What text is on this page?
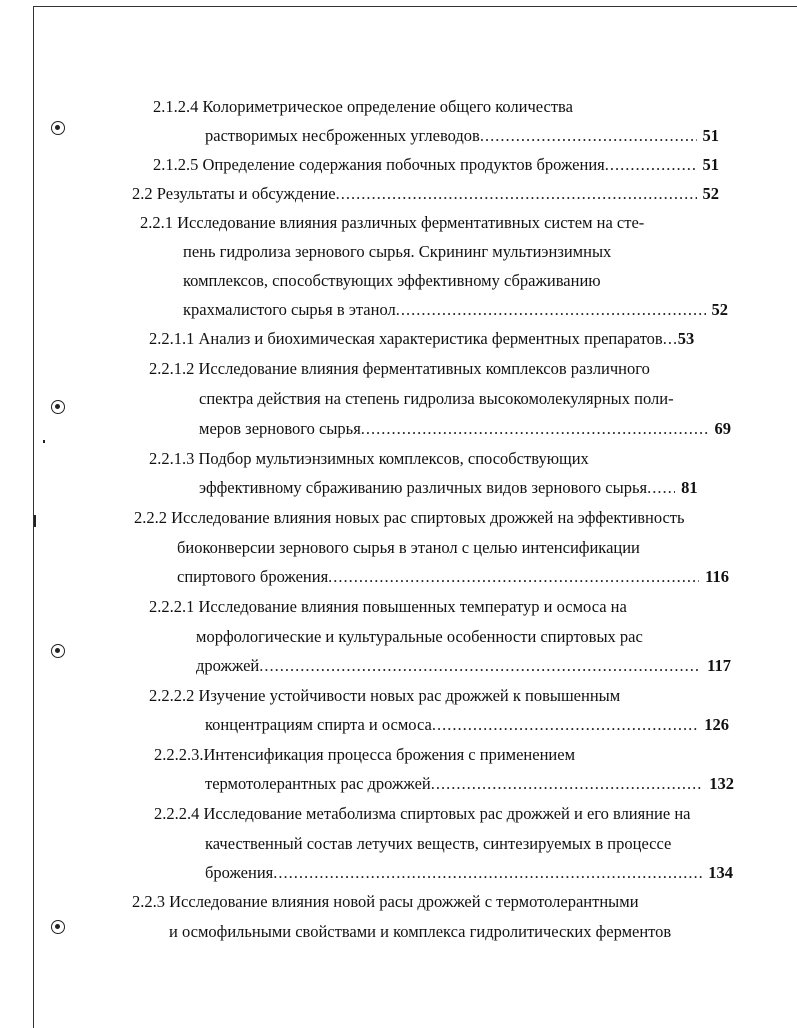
2.1.2.4 Колориметрическое определение общего количества
растворимых несброженных углеводов .....	51
2.1.2.5 Определение содержания побочных продуктов брожения .....	51
2.2 Результаты и обсуждение .....	52
2.2.1 Исследование влияния различных ферментативных систем на сте-
пень гидролиза зернового сырья. Скрининг мультиэнзимных
комплексов, способствующих эффективному сбраживанию
крахмалистого сырья в этанол .....	52
2.2.1.1 Анализ и биохимическая характеристика ферментных препаратов ..... 53
2.2.1.2 Исследование влияния ферментативных комплексов различного
спектра действия на степень гидролиза высокомолекулярных поли-
меров зернового сырья .....	69
2.2.1.3 Подбор мультиэнзимных комплексов, способствующих
эффективному сбраживанию различных видов зернового сырья .....	81
2.2.2 Исследование влияния новых рас спиртовых дрожжей на эффективность
биоконверсии зернового сырья в этанол с целью интенсификации
спиртового брожения .....	116
2.2.2.1 Исследование влияния повышенных температур и осмоса на
морфологические и культуральные особенности спиртовых рас
дрожжей .....	117
2.2.2.2 Изучение устойчивости новых рас дрожжей к повышенным
концентрациям спирта и осмоса .....	126
2.2.2.3.Интенсификация процесса брожения с применением
термотолерантных рас дрожжей .....	132
2.2.2.4 Исследование метаболизма спиртовых рас дрожжей и его влияние на
качественный состав летучих веществ, синтезируемых в процессе
брожения .....	134
2.2.3 Исследование влияния новой расы дрожжей с термотолерантными
и осмофильными свойствами и комплекса гидролитических ферментов
